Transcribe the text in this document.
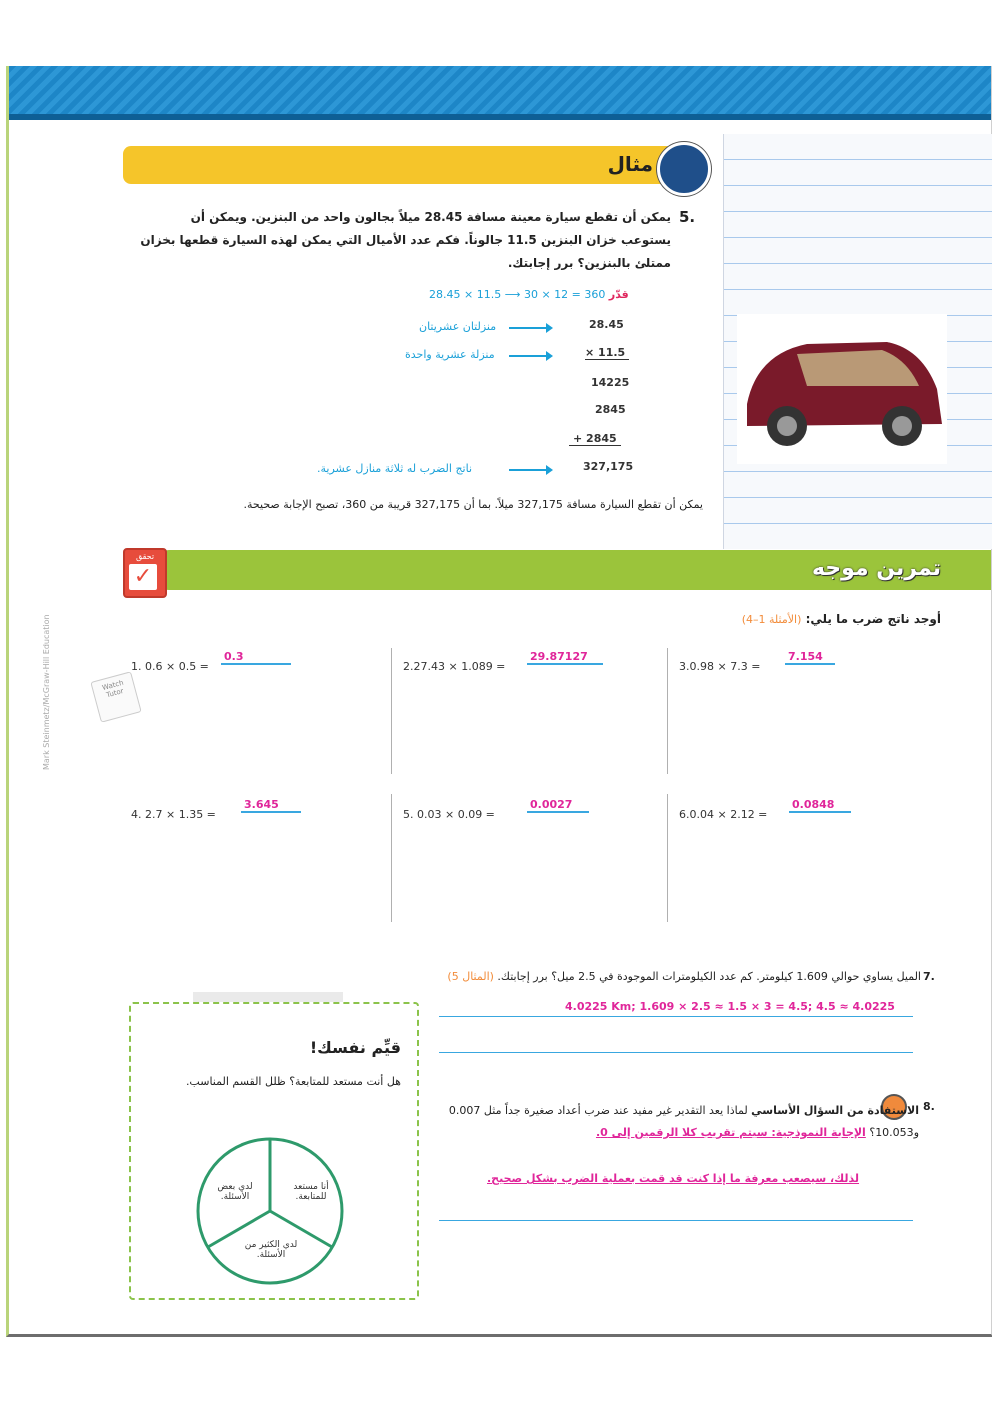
مثال
5.
يمكن أن تقطع سيارة معينة مسافة 28.45 ميلاً بجالون واحد من البنزين. ويمكن أن يستوعب خزان البنزين 11.5 جالوناً. فكم عدد الأميال التي يمكن لهذه السيارة قطعها بخزان ممتلئ بالبنزين؟ برر إجابتك.
28.45 × 11.5 ⟶ 30 × 12 = 360 قدّر
28.45
× 11.5
14225
2845
+ 2845
327,175
منزلتان عشريتان
منزلة عشرية واحدة
ناتج الضرب له ثلاثة منازل عشرية.
يمكن أن تقطع السيارة مسافة 327,175 ميلاً. بما أن 327,175 قريبة من 360، تصبح الإجابة صحيحة.
تمرين موجه
تحقق
✓
أوجد ناتج ضرب ما يلي: (الأمثلة 1–4)
1. 0.6 × 0.5 =
0.3
2.27.43 × 1.089 =
29.87127
3.0.98 × 7.3 =
7.154
4. 2.7 × 1.35 =
3.645
5. 0.03 × 0.09 =
0.0027
6.0.04 × 2.12 =
0.0848
Watch Tutor
7.
الميل يساوي حوالي 1.609 كيلومتر. كم عدد الكيلومترات الموجودة في 2.5 ميل؟ برر إجابتك. (المثال 5)
4.0225 Km; 1.609 × 2.5 ≈ 1.5 × 3 = 4.5; 4.5 ≈ 4.0225
8.
الاستفادة من السؤال الأساسي لماذا يعد التقدير غير مفيد عند ضرب أعداد صغيرة جداً مثل 0.007 و10.053؟ الإجابة النموذجية: سيتم تقريب كلا الرقمين إلى 0.
لذلك، سيصعب معرفة ما إذا كنت قد قمت بعملية الضرب بشكل صحيح.
قيِّم نفسك!
هل أنت مستعد للمتابعة؟ ظلل القسم المناسب.
أنا مستعد للمتابعة.
لدي بعض الأسئلة.
لدي الكثير من الأسئلة.
Mark Steinmetz/McGraw-Hill Education
